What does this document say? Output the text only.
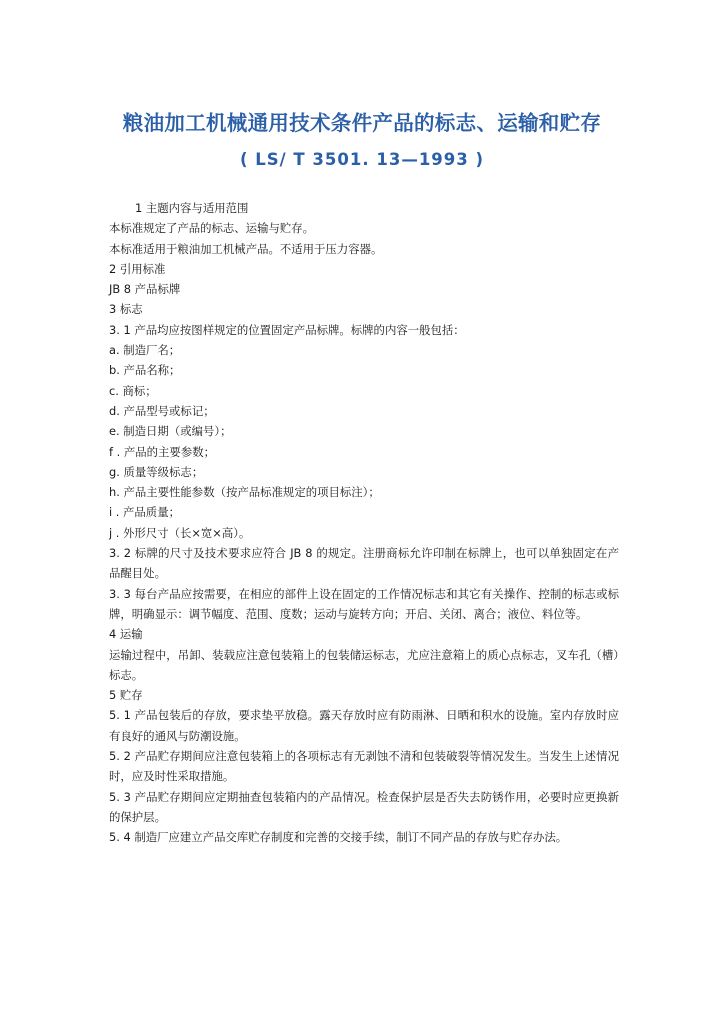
粮油加工机械通用技术条件产品的标志、运输和贮存
( LS/ T 3501. 13—1993 )

1 主题内容与适用范围

本标准规定了产品的标志、运输与贮存。

本标准适用于粮油加工机械产品。不适用于压力容器。

2 引用标准

JB 8 产品标牌

3 标志

3. 1 产品均应按图样规定的位置固定产品标牌。标牌的内容一般包括：

a. 制造厂名；

b. 产品名称；

c. 商标；

d. 产品型号或标记；

e. 制造日期（或编号）；

f . 产品的主要参数；

g. 质量等级标志；

h. 产品主要性能参数（按产品标准规定的项目标注）；

i . 产品质量；

j . 外形尺寸（长×宽×高）。

3. 2 标牌的尺寸及技术要求应符合 JB 8 的规定。注册商标允许印制在标牌上，也可以单独固定在产品醒目处。

3. 3 每台产品应按需要，在相应的部件上设在固定的工作情况标志和其它有关操作、控制的标志或标牌，明确显示：调节幅度、范围、度数；运动与旋转方向；开启、关闭、离合；液位、料位等。

4 运输

运输过程中，吊卸、装载应注意包装箱上的包装储运标志，尤应注意箱上的质心点标志，叉车孔（槽）标志。

5 贮存

5. 1 产品包装后的存放，要求垫平放稳。露天存放时应有防雨淋、日晒和积水的设施。室内存放时应有良好的通风与防潮设施。

5. 2 产品贮存期间应注意包装箱上的各项标志有无剥蚀不清和包装破裂等情况发生。当发生上述情况时，应及时性采取措施。

5. 3 产品贮存期间应定期抽查包装箱内的产品情况。检查保护层是否失去防锈作用，必要时应更换新的保护层。

5. 4 制造厂应建立产品交库贮存制度和完善的交接手续，制订不同产品的存放与贮存办法。
